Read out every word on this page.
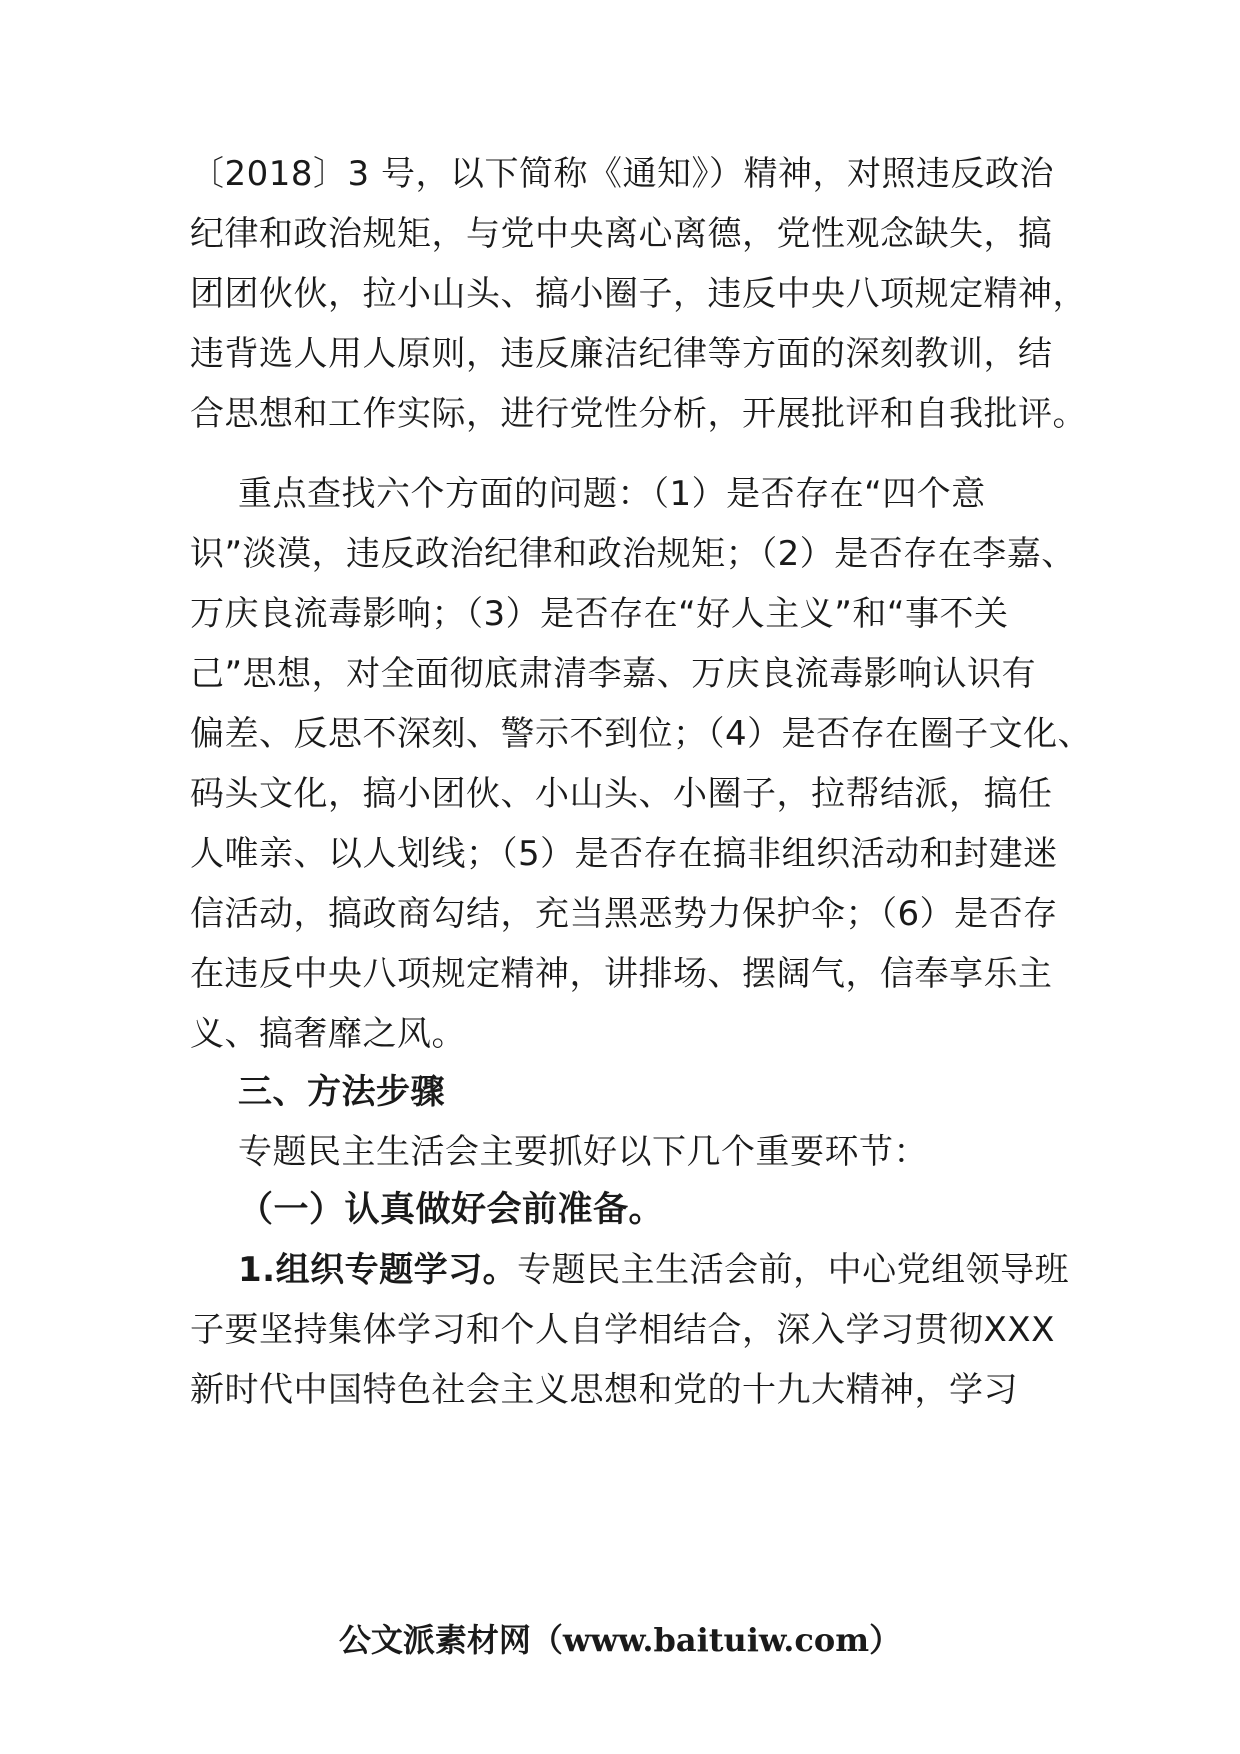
〔2018〕3 号，以下简称《通知》）精神，对照违反政治
纪律和政治规矩，与党中央离心离德，党性观念缺失，搞
团团伙伙，拉小山头、搞小圈子，违反中央八项规定精神，
违背选人用人原则，违反廉洁纪律等方面的深刻教训，结
合思想和工作实际，进行党性分析，开展批评和自我批评。
重点查找六个方面的问题：（1）是否存在“四个意
识”淡漠，违反政治纪律和政治规矩；（2）是否存在李嘉、
万庆良流毒影响；（3）是否存在“好人主义”和“事不关
己”思想，对全面彻底肃清李嘉、万庆良流毒影响认识有
偏差、反思不深刻、警示不到位；（4）是否存在圈子文化、
码头文化，搞小团伙、小山头、小圈子，拉帮结派，搞任
人唯亲、以人划线；（5）是否存在搞非组织活动和封建迷
信活动，搞政商勾结，充当黑恶势力保护伞；（6）是否存
在违反中央八项规定精神，讲排场、摆阔气，信奉享乐主
义、搞奢靡之风。
三、方法步骤
专题民主生活会主要抓好以下几个重要环节：
（一）认真做好会前准备。
1.组织专题学习。专题民主生活会前，中心党组领导班
子要坚持集体学习和个人自学相结合，深入学习贯彻XXX
新时代中国特色社会主义思想和党的十九大精神，学习
公文派素材网（www.baituiw.com）
